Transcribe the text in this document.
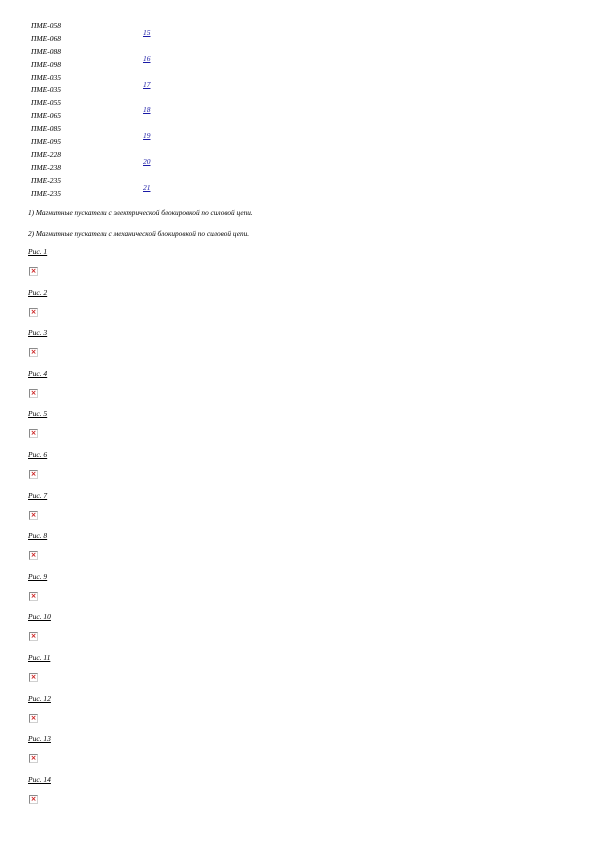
ПМЕ-058
ПМЕ-068
15
ПМЕ-088
ПМЕ-098
16
ПМЕ-035
ПМЕ-035
17
ПМЕ-055
ПМЕ-065
18
ПМЕ-085
ПМЕ-095
19
ПМЕ-228
ПМЕ-238
20
ПМЕ-235
ПМЕ-235
21
1) Магнитные пускатели с электрической блокировкой по силовой цепи.
2) Магнитные пускатели с механической блокировкой по силовой цепи.
Рис. 1
×
Рис. 2
×
Рис. 3
×
Рис. 4
×
Рис. 5
×
Рис. 6
×
Рис. 7
×
Рис. 8
×
Рис. 9
×
Рис. 10
×
Рис. 11
×
Рис. 12
×
Рис. 13
×
Рис. 14
×
